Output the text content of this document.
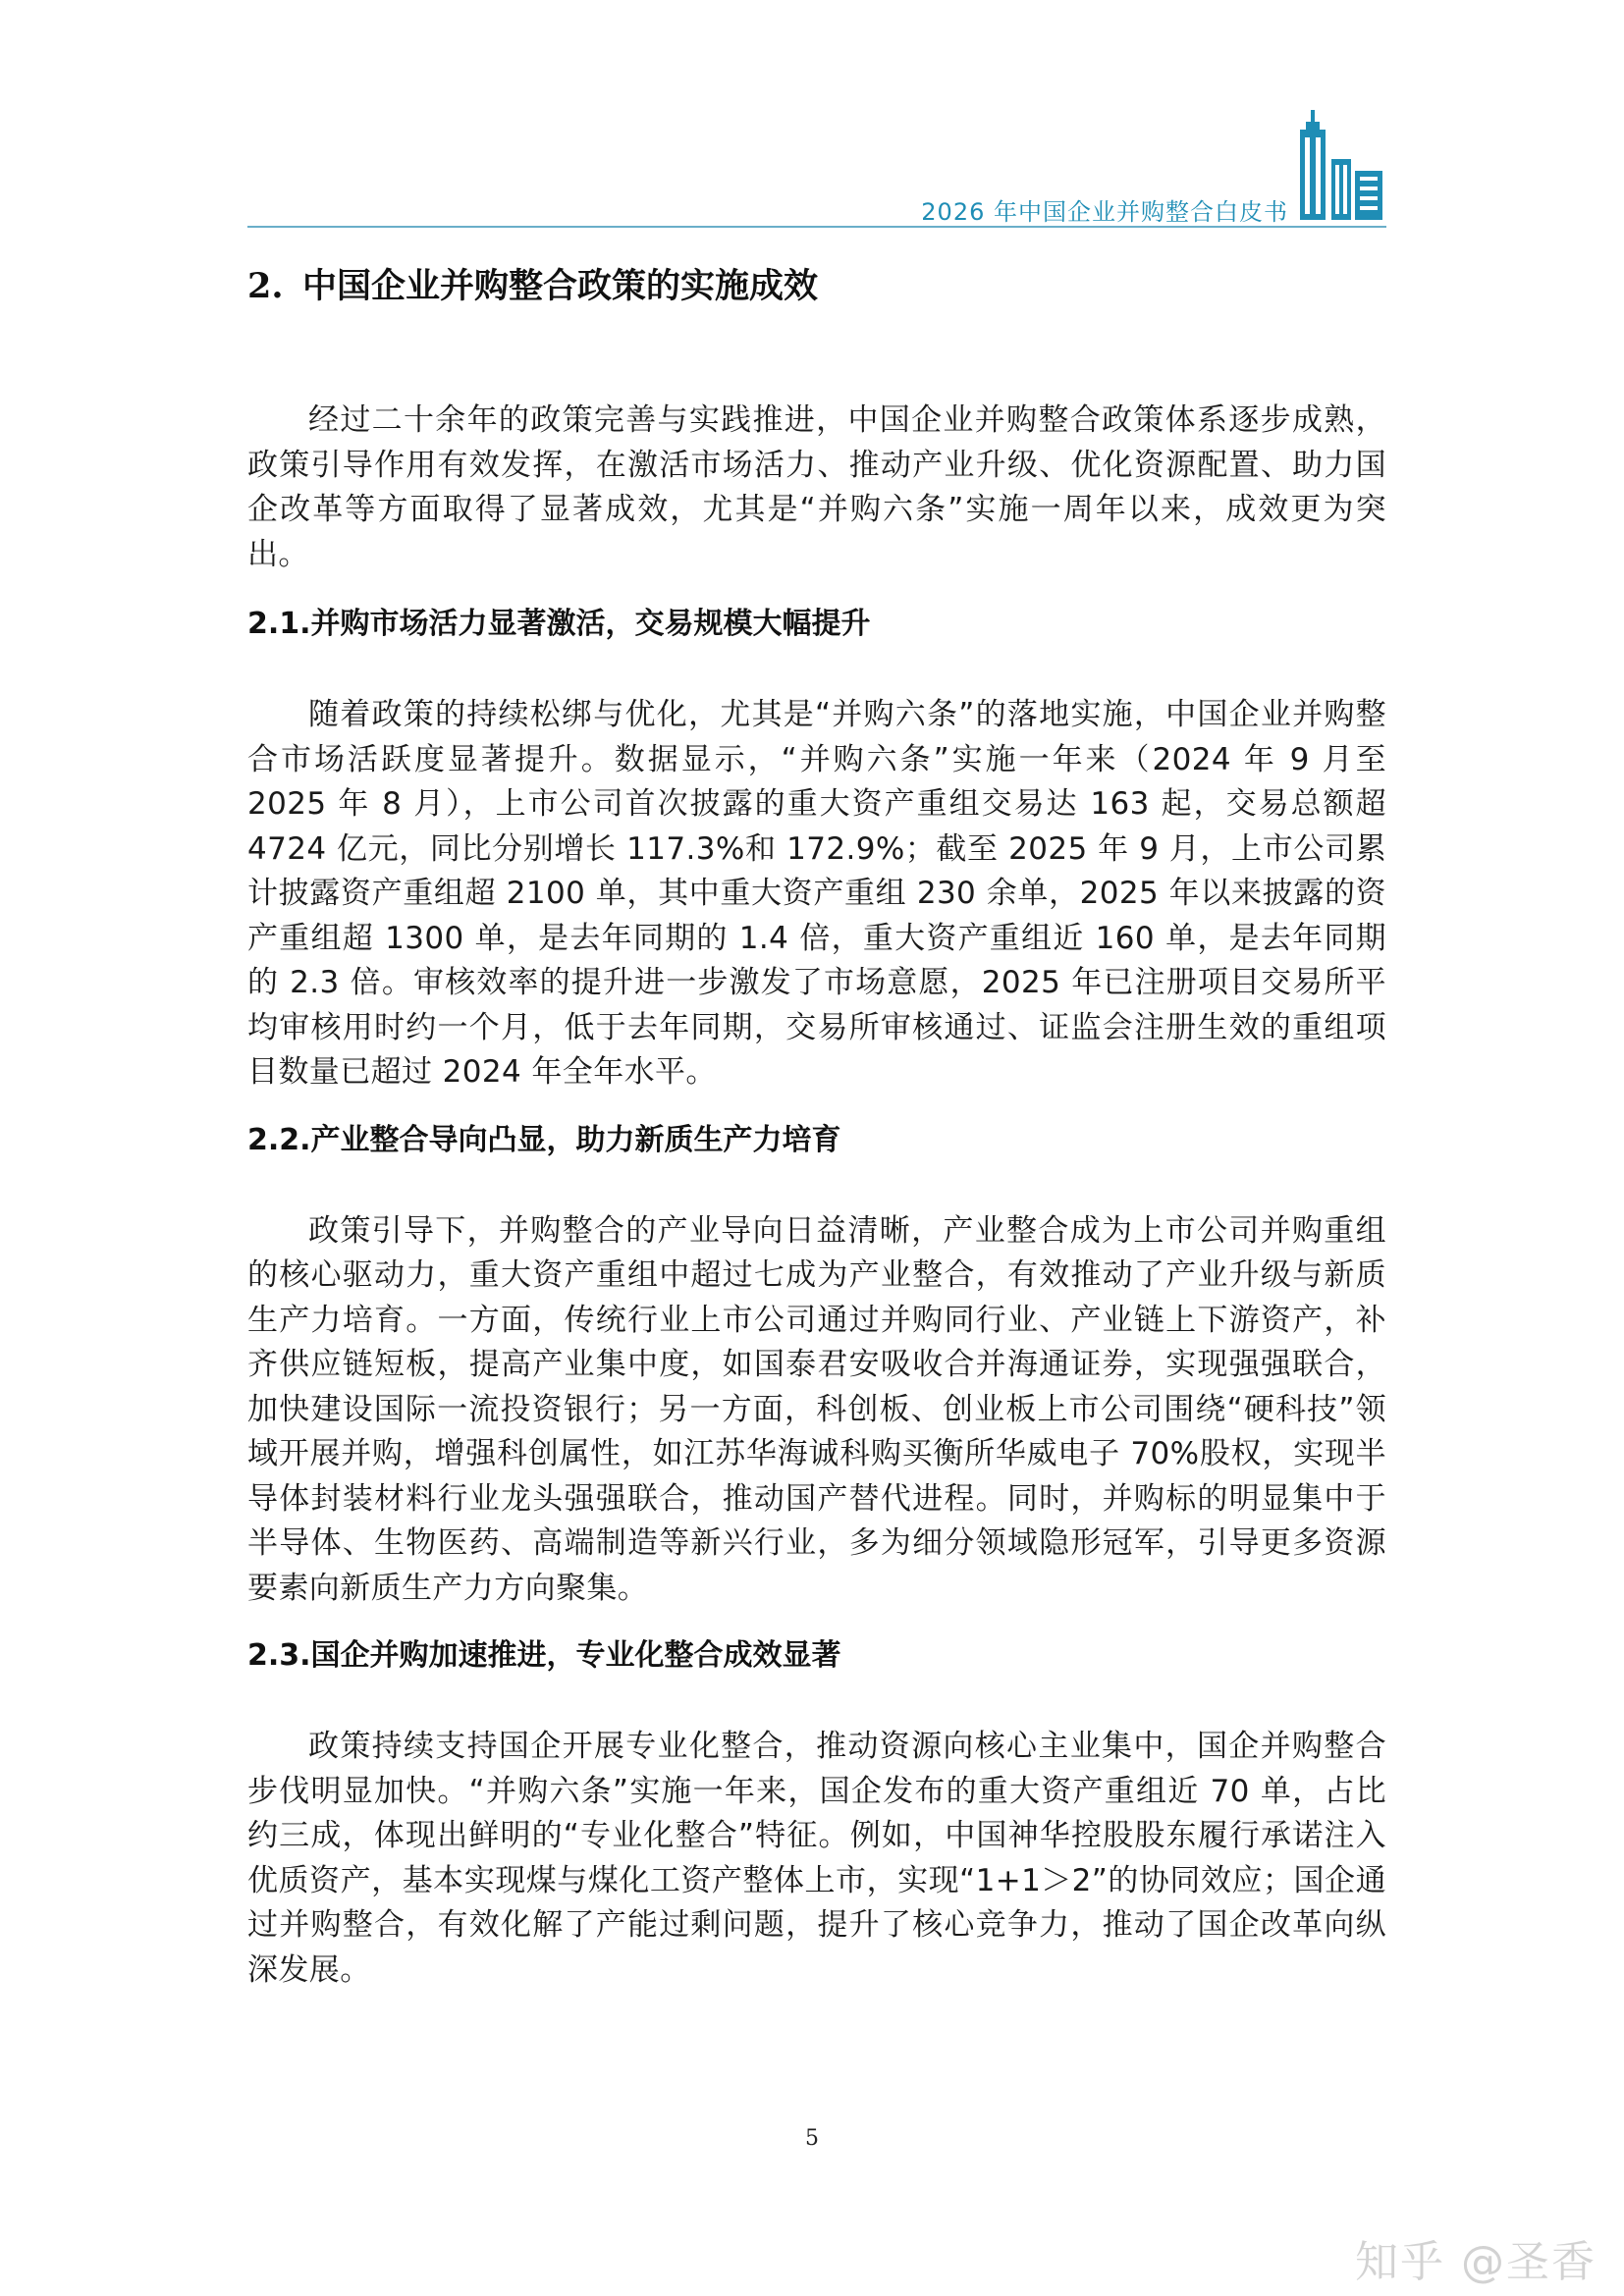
2026 年中国企业并购整合白皮书
2. 中国企业并购整合政策的实施成效

经过二十余年的政策完善与实践推进，中国企业并购整合政策体系逐步成熟，政策引导作用有效发挥，在激活市场活力、推动产业升级、优化资源配置、助力国企改革等方面取得了显著成效，尤其是“并购六条”实施一周年以来，成效更为突出。

2.1.并购市场活力显著激活，交易规模大幅提升

随着政策的持续松绑与优化，尤其是“并购六条”的落地实施，中国企业并购整合市场活跃度显著提升。数据显示，“并购六条”实施一年来（2024 年 9 月至 2025 年 8 月），上市公司首次披露的重大资产重组交易达 163 起，交易总额超 4724 亿元，同比分别增长 117.3%和 172.9%；截至 2025 年 9 月，上市公司累计披露资产重组超 2100 单，其中重大资产重组 230 余单，2025 年以来披露的资产重组超 1300 单，是去年同期的 1.4 倍，重大资产重组近 160 单，是去年同期的 2.3 倍。审核效率的提升进一步激发了市场意愿，2025 年已注册项目交易所平均审核用时约一个月，低于去年同期，交易所审核通过、证监会注册生效的重组项目数量已超过 2024 年全年水平。

2.2.产业整合导向凸显，助力新质生产力培育

政策引导下，并购整合的产业导向日益清晰，产业整合成为上市公司并购重组的核心驱动力，重大资产重组中超过七成为产业整合，有效推动了产业升级与新质生产力培育。一方面，传统行业上市公司通过并购同行业、产业链上下游资产，补齐供应链短板，提高产业集中度，如国泰君安吸收合并海通证券，实现强强联合，加快建设国际一流投资银行；另一方面，科创板、创业板上市公司围绕“硬科技”领域开展并购，增强科创属性，如江苏华海诚科购买衡所华威电子 70%股权，实现半导体封装材料行业龙头强强联合，推动国产替代进程。同时，并购标的明显集中于半导体、生物医药、高端制造等新兴行业，多为细分领域隐形冠军，引导更多资源要素向新质生产力方向聚集。

2.3.国企并购加速推进，专业化整合成效显著

政策持续支持国企开展专业化整合，推动资源向核心主业集中，国企并购整合步伐明显加快。“并购六条”实施一年来，国企发布的重大资产重组近 70 单，占比约三成，体现出鲜明的“专业化整合”特征。例如，中国神华控股股东履行承诺注入优质资产，基本实现煤与煤化工资产整体上市，实现“1+1＞2”的协同效应；国企通过并购整合，有效化解了产能过剩问题，提升了核心竞争力，推动了国企改革向纵深发展。

5
知乎 @圣香
